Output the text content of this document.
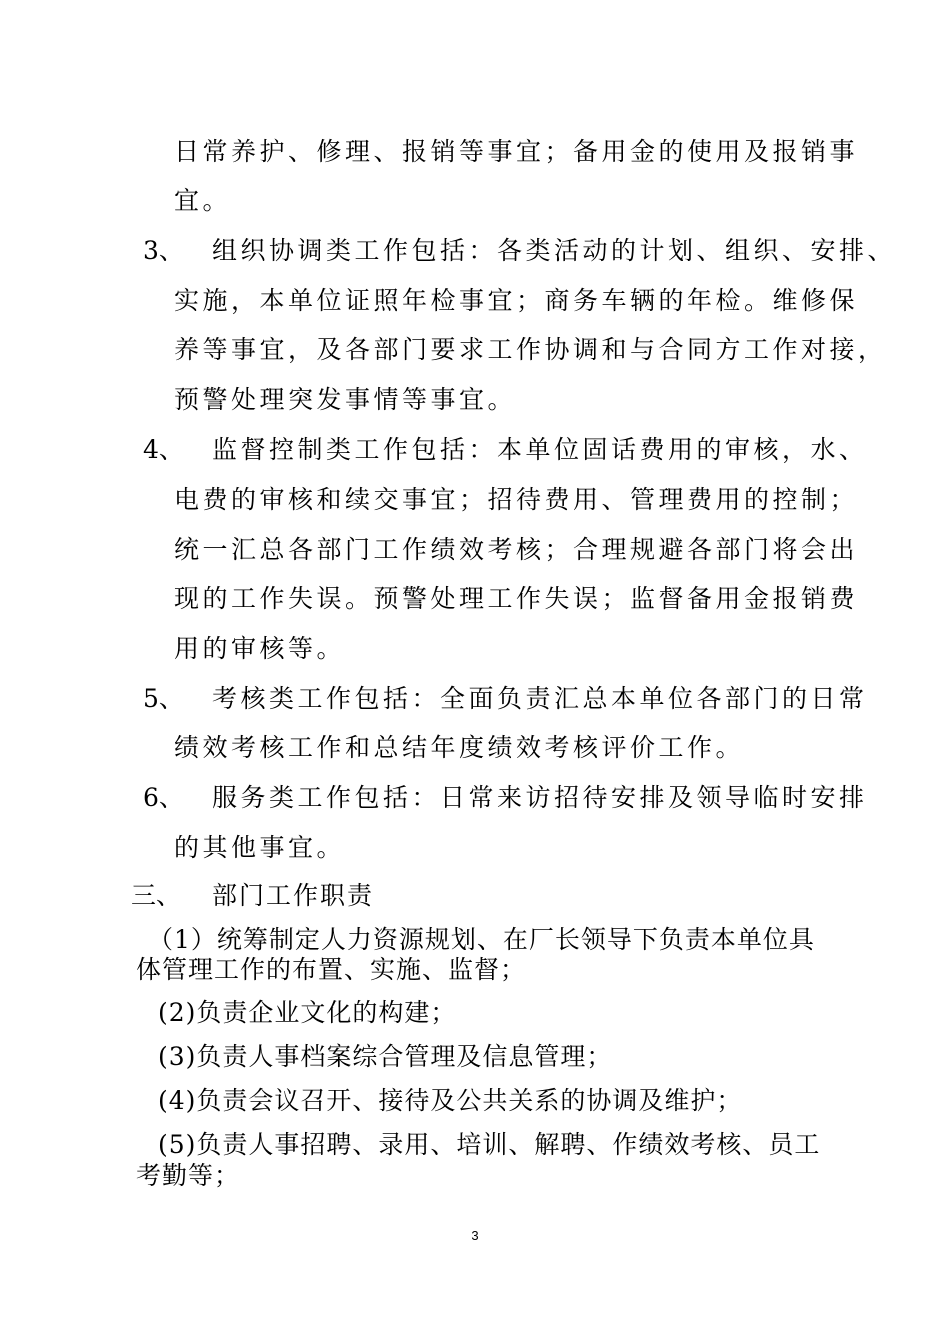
日常养护、修理、报销等事宜；备用金的使用及报销事
宜。
3、 组织协调类工作包括：各类活动的计划、组织、安排、
实施，本单位证照年检事宜；商务车辆的年检。维修保
养等事宜，及各部门要求工作协调和与合同方工作对接，
预警处理突发事情等事宜。
4、 监督控制类工作包括：本单位固话费用的审核，水、
电费的审核和续交事宜；招待费用、管理费用的控制；
统一汇总各部门工作绩效考核；合理规避各部门将会出
现的工作失误。预警处理工作失误；监督备用金报销费
用的审核等。
5、 考核类工作包括：全面负责汇总本单位各部门的日常
绩效考核工作和总结年度绩效考核评价工作。
6、 服务类工作包括：日常来访招待安排及领导临时安排
的其他事宜。
三、 部门工作职责
（1）统筹制定人力资源规划、在厂长领导下负责本单位具
体管理工作的布置、实施、监督；
(2)负责企业文化的构建；
(3)负责人事档案综合管理及信息管理；
(4)负责会议召开、接待及公共关系的协调及维护；
(5)负责人事招聘、录用、培训、解聘、作绩效考核、员工
考勤等；
3
